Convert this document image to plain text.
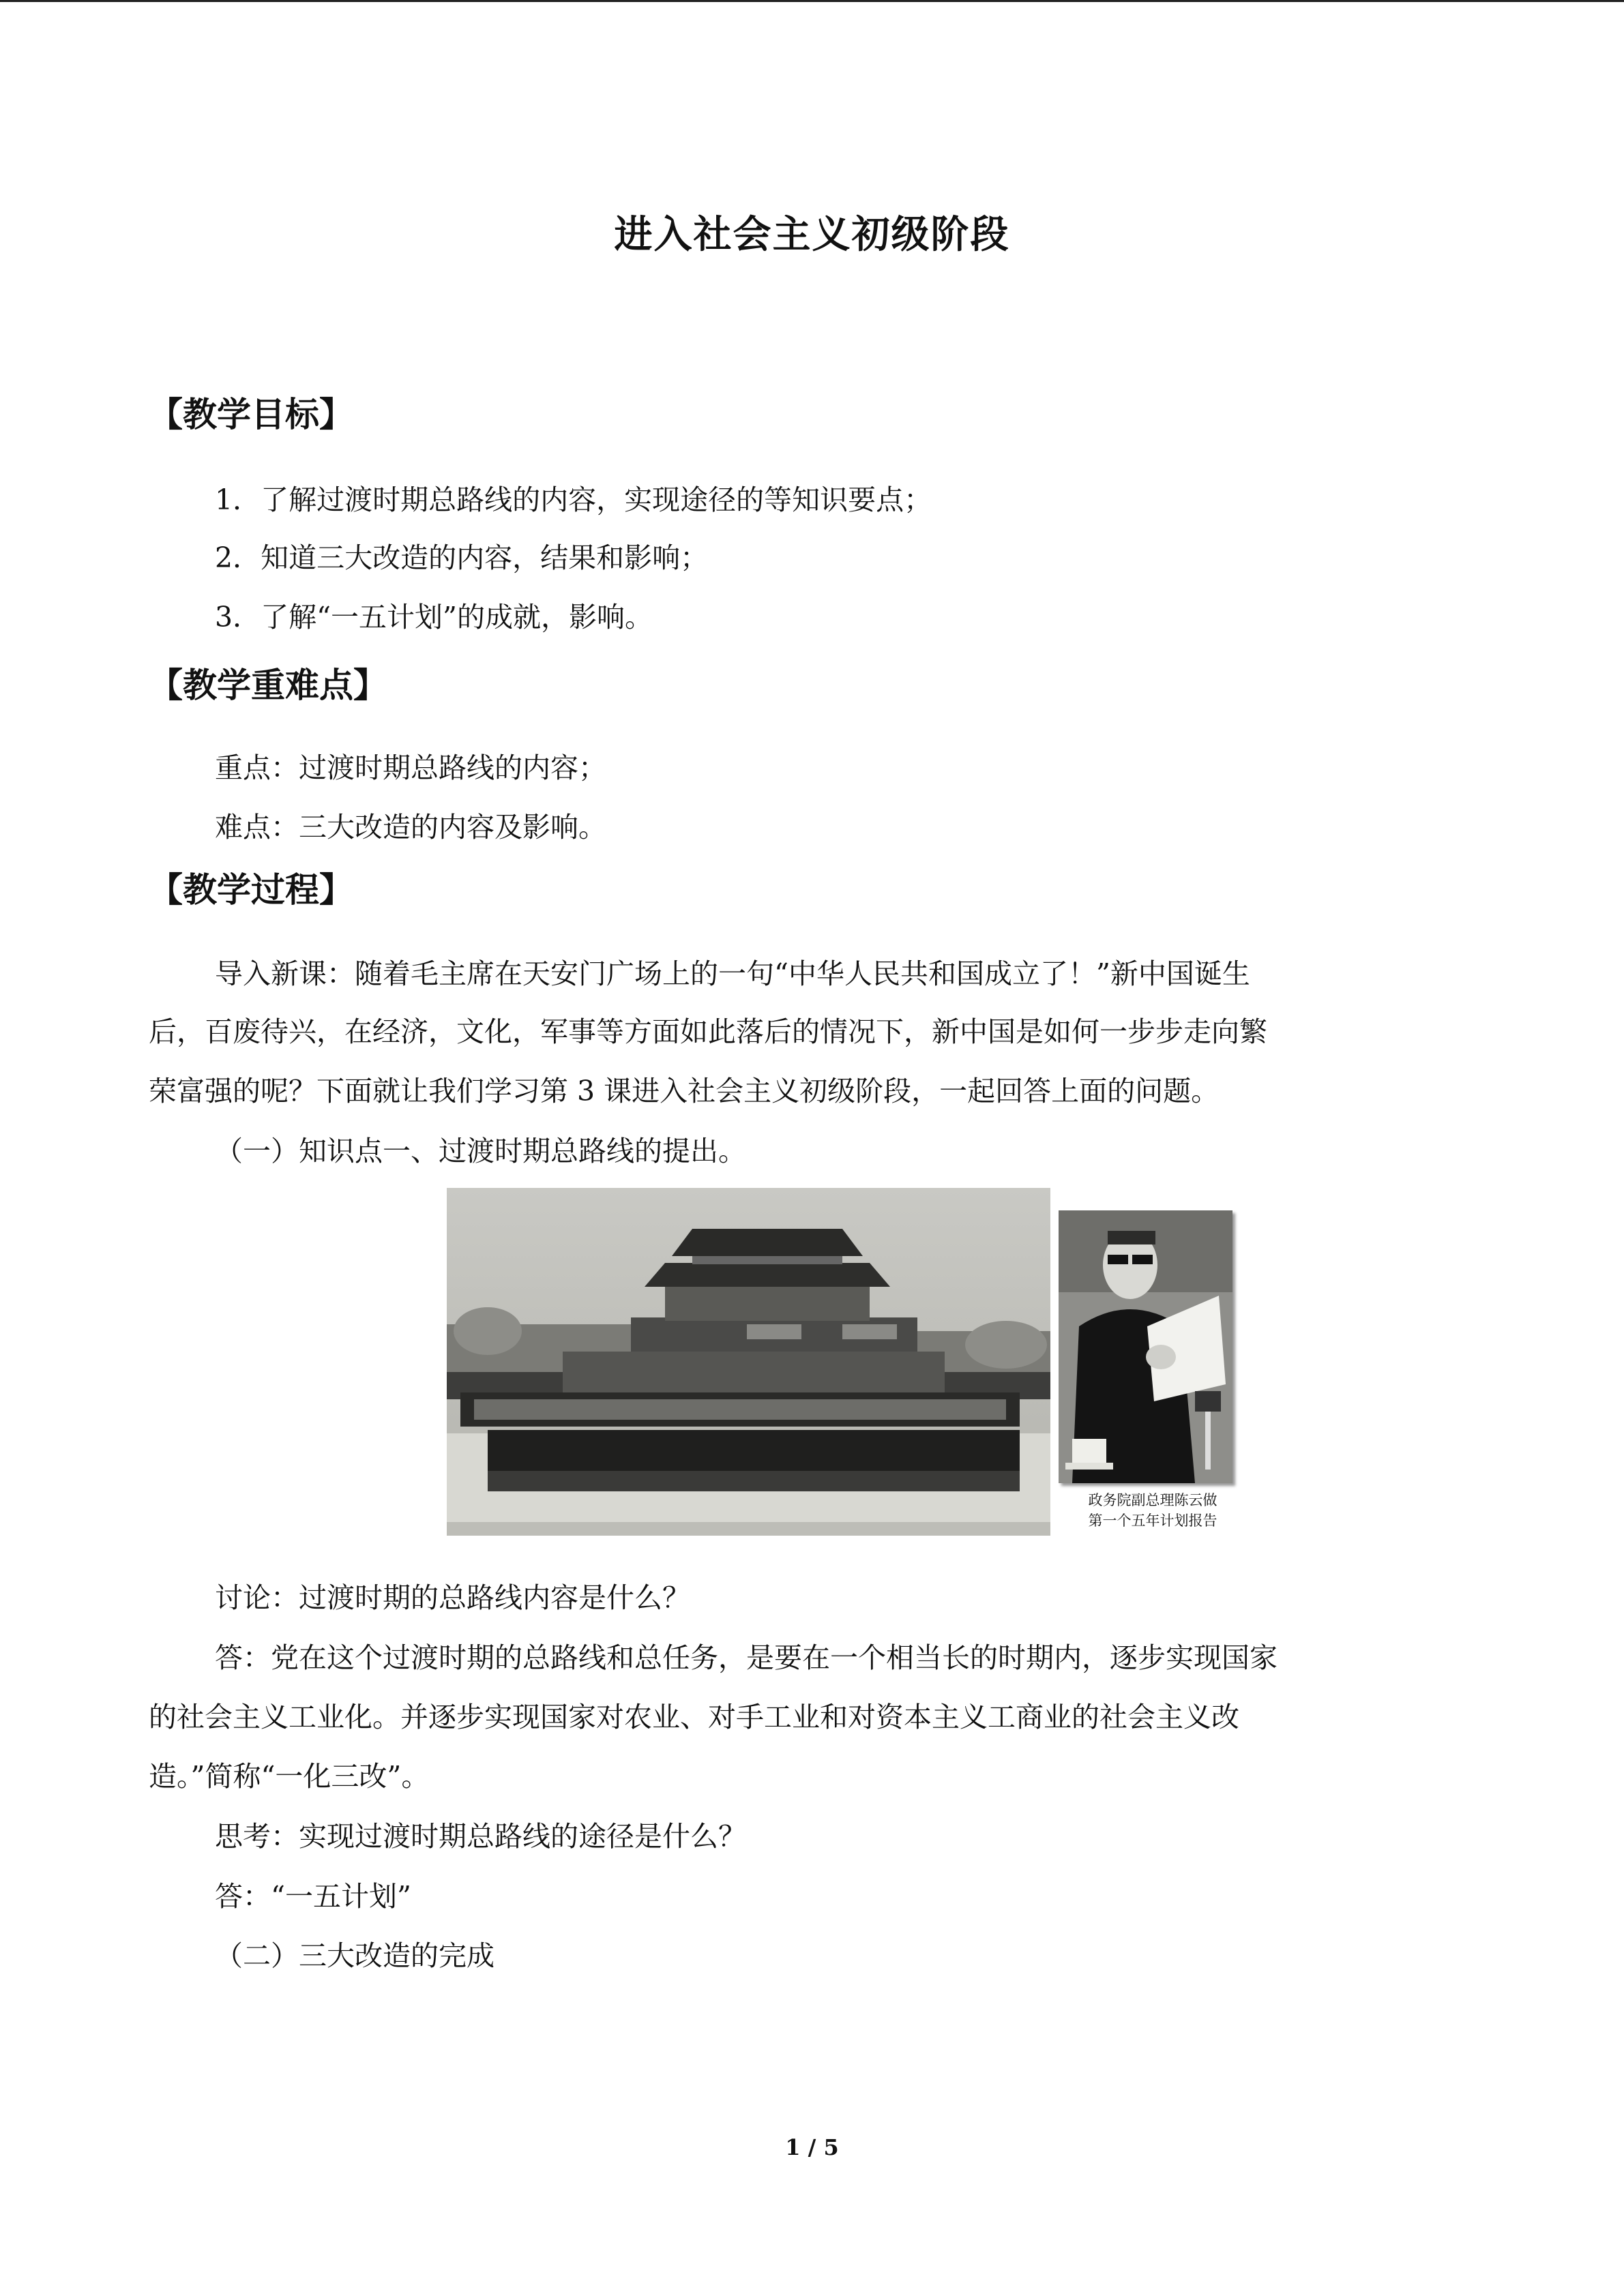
进入社会主义初级阶段
【教学目标】
1．了解过渡时期总路线的内容，实现途径的等知识要点；
2．知道三大改造的内容，结果和影响；
3．了解“一五计划”的成就，影响。
【教学重难点】
重点：过渡时期总路线的内容；
难点：三大改造的内容及影响。
【教学过程】
导入新课：随着毛主席在天安门广场上的一句“中华人民共和国成立了！”新中国诞生
后，百废待兴，在经济，文化，军事等方面如此落后的情况下，新中国是如何一步步走向繁
荣富强的呢？下面就让我们学习第 3 课进入社会主义初级阶段，一起回答上面的问题。
（一）知识点一、过渡时期总路线的提出。
政务院副总理陈云做
第一个五年计划报告
讨论：过渡时期的总路线内容是什么？
答：党在这个过渡时期的总路线和总任务，是要在一个相当长的时期内，逐步实现国家
的社会主义工业化。并逐步实现国家对农业、对手工业和对资本主义工商业的社会主义改
造。”简称“一化三改”。
思考：实现过渡时期总路线的途径是什么？
答：“一五计划”
（二）三大改造的完成
1 / 5
